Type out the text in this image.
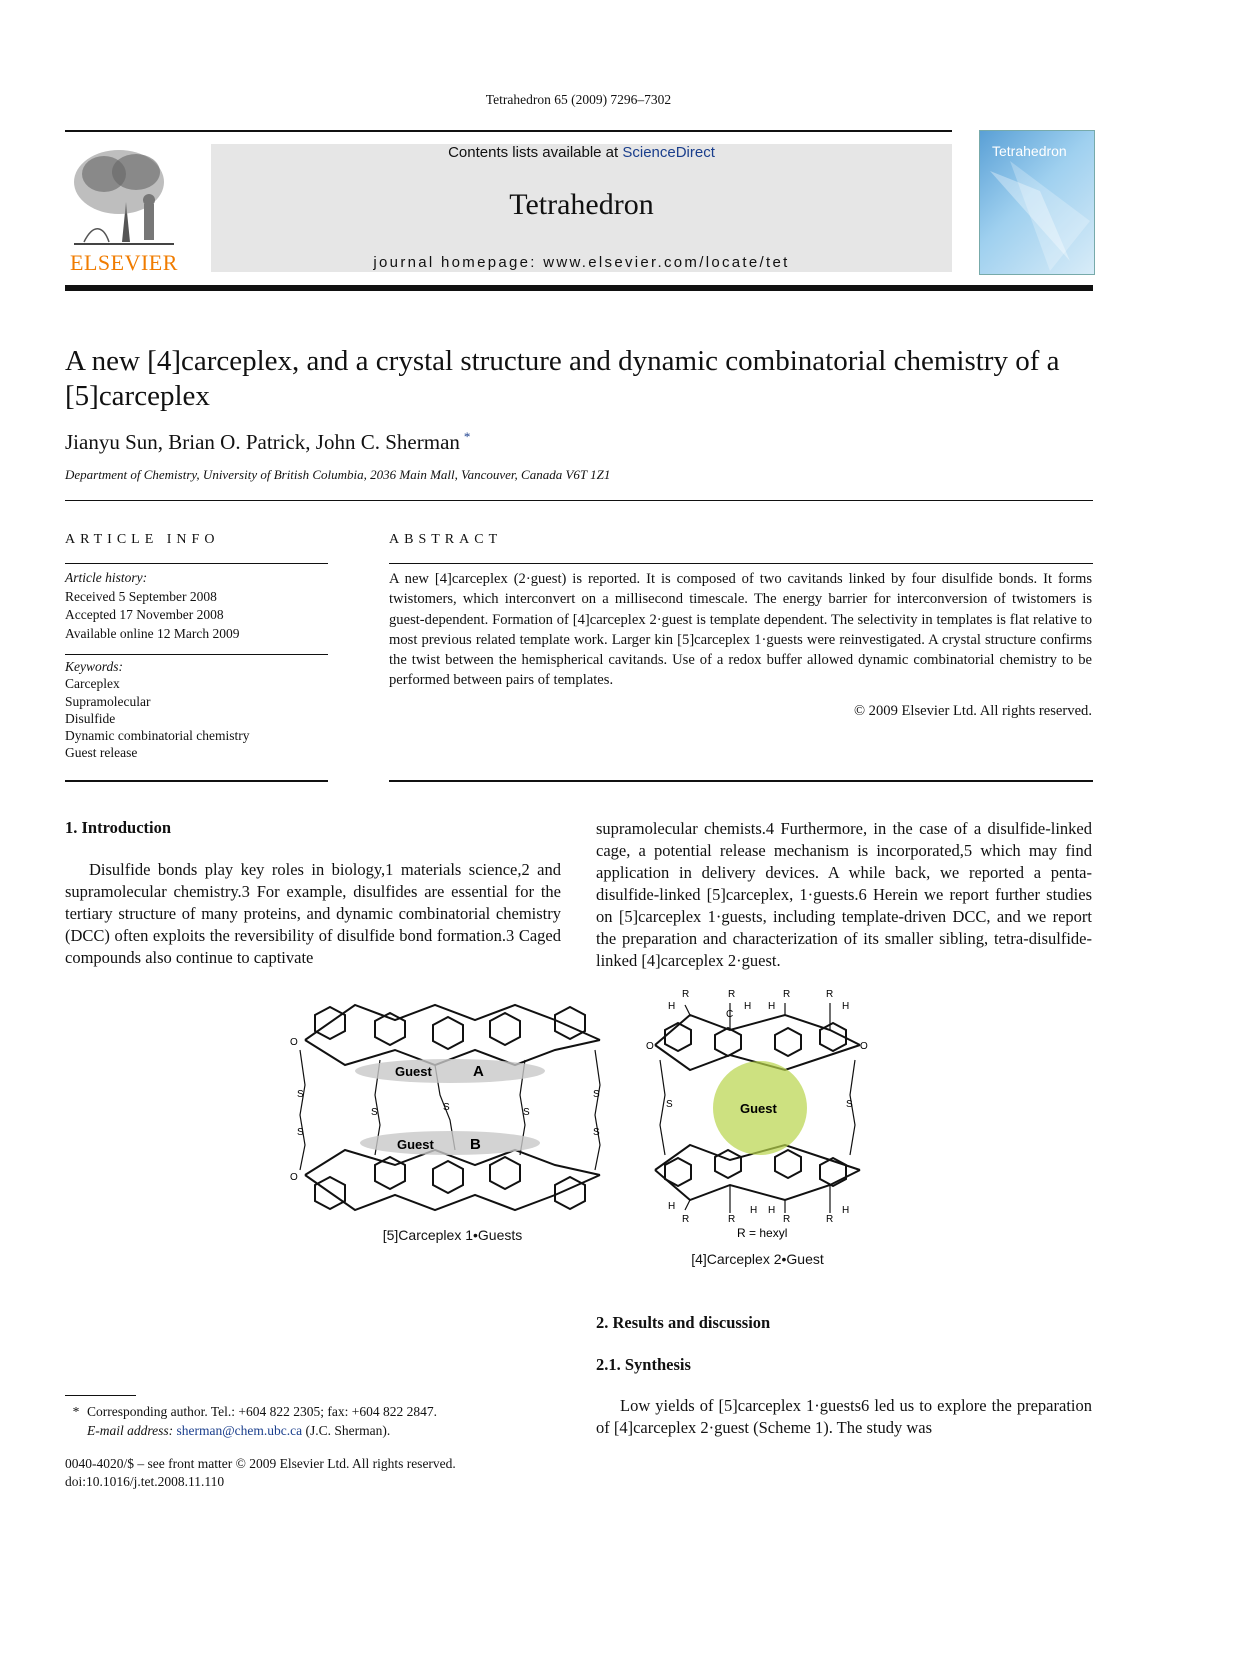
Tetrahedron 65 (2009) 7296–7302
ELSEVIER
Contents lists available at ScienceDirect
Tetrahedron
journal homepage: www.elsevier.com/locate/tet
Tetrahedron
A new [4]carceplex, and a crystal structure and dynamic combinatorial chemistry of a [5]carceplex
Jianyu Sun, Brian O. Patrick, John C. Sherman *
Department of Chemistry, University of British Columbia, 2036 Main Mall, Vancouver, Canada V6T 1Z1
ARTICLE INFO
Article history:
Received 5 September 2008
Accepted 17 November 2008
Available online 12 March 2009
Keywords:
Carceplex
Supramolecular
Disulfide
Dynamic combinatorial chemistry
Guest release
ABSTRACT

A new [4]carceplex (2·guest) is reported. It is composed of two cavitands linked by four disulfide bonds. It forms twistomers, which interconvert on a millisecond timescale. The energy barrier for interconversion of twistomers is guest-dependent. Formation of [4]carceplex 2·guest is template dependent. The selectivity in templates is flat relative to most previous related template work. Larger kin [5]carceplex 1·guests were reinvestigated. A crystal structure confirms the twist between the hemispherical cavitands. Use of a redox buffer allowed dynamic combinatorial chemistry to be performed between pairs of templates.

© 2009 Elsevier Ltd. All rights reserved.
1. Introduction

Disulfide bonds play key roles in biology,1 materials science,2 and supramolecular chemistry.3 For example, disulfides are essential for the tertiary structure of many proteins, and dynamic combinatorial chemistry (DCC) often exploits the reversibility of disulfide bond formation.3 Caged compounds also continue to captivate

supramolecular chemists.4 Furthermore, in the case of a disulfide-linked cage, a potential release mechanism is incorporated,5 which may find application in delivery devices. A while back, we reported a penta-disulfide-linked [5]carceplex, 1·guests.6 Herein we report further studies on [5]carceplex 1·guests, including template-driven DCC, and we report the preparation and characterization of its smaller sibling, tetra-disulfide-linked [4]carceplex 2·guest.

Guest	A
Guest B
S
S
S
S
S	S	S
O
O
[5]Carceplex 1•Guests
Guest
R	R	R	R
H	H H	H
C
R	R	R	R
H	H H	H
S	S
O	O
R = hexyl
[4]Carceplex 2•Guest
2. Results and discussion
2.1. Synthesis

Low yields of [5]carceplex 1·guests6 led us to explore the preparation of [4]carceplex 2·guest (Scheme 1). The study was

* Corresponding author. Tel.: +604 822 2305; fax: +604 822 2847.
E-mail address: sherman@chem.ubc.ca (J.C. Sherman).
0040-4020/$ – see front matter © 2009 Elsevier Ltd. All rights reserved.
doi:10.1016/j.tet.2008.11.110
